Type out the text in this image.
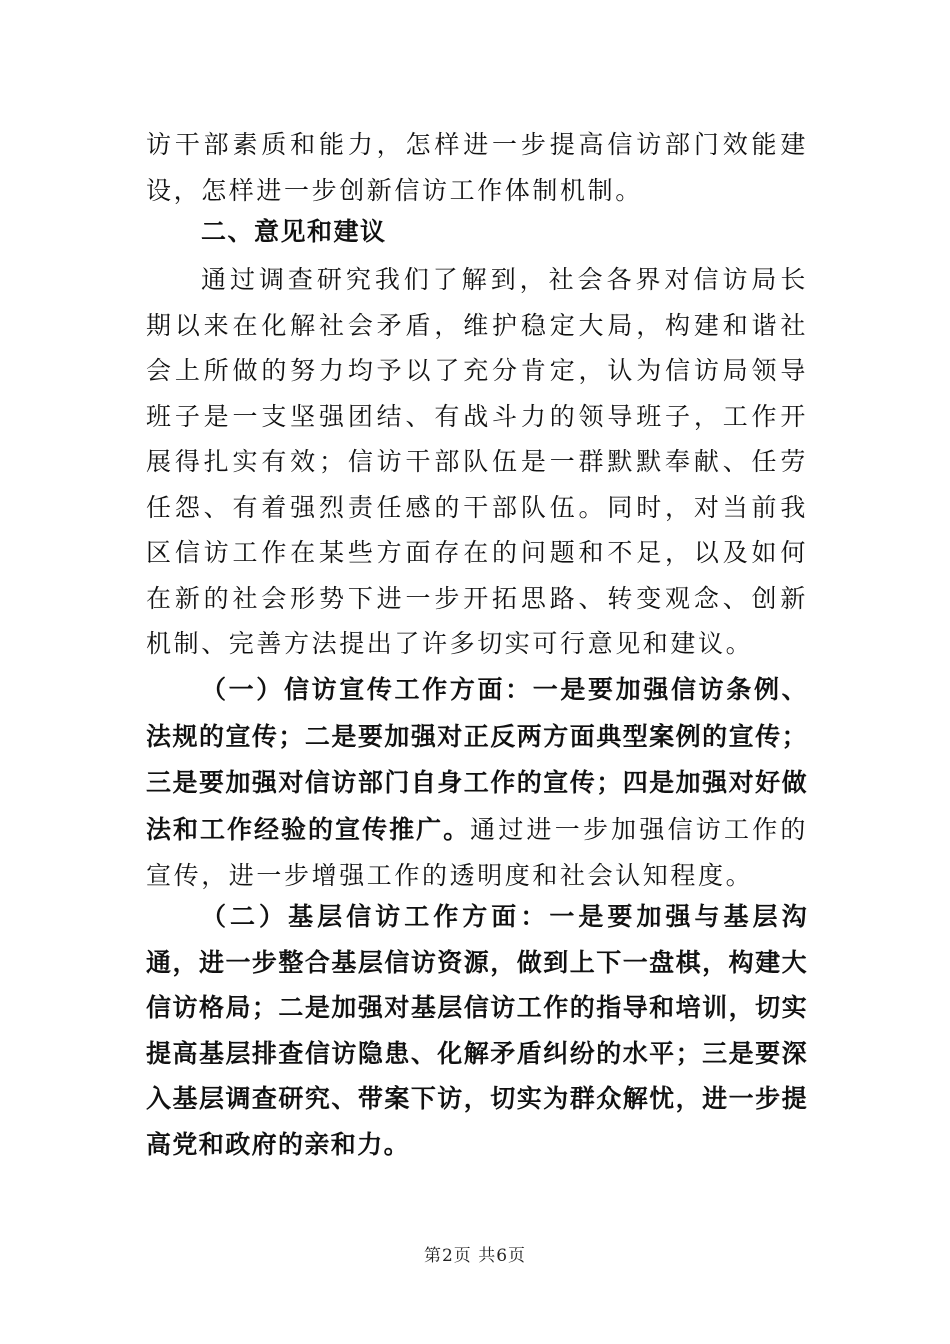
访干部素质和能力，怎样进一步提高信访部门效能建设，怎样进一步创新信访工作体制机制。

二、意见和建议

通过调查研究我们了解到，社会各界对信访局长期以来在化解社会矛盾，维护稳定大局，构建和谐社会上所做的努力均予以了充分肯定，认为信访局领导班子是一支坚强团结、有战斗力的领导班子，工作开展得扎实有效；信访干部队伍是一群默默奉献、任劳任怨、有着强烈责任感的干部队伍。同时，对当前我区信访工作在某些方面存在的问题和不足，以及如何在新的社会形势下进一步开拓思路、转变观念、创新机制、完善方法提出了许多切实可行意见和建议。

（一）信访宣传工作方面：一是要加强信访条例、法规的宣传；二是要加强对正反两方面典型案例的宣传；三是要加强对信访部门自身工作的宣传；四是加强对好做法和工作经验的宣传推广。通过进一步加强信访工作的宣传，进一步增强工作的透明度和社会认知程度。

（二）基层信访工作方面：一是要加强与基层沟通，进一步整合基层信访资源，做到上下一盘棋，构建大信访格局；二是加强对基层信访工作的指导和培训，切实提高基层排查信访隐患、化解矛盾纠纷的水平；三是要深入基层调查研究、带案下访，切实为群众解忧，进一步提高党和政府的亲和力。

第2页 共6页
